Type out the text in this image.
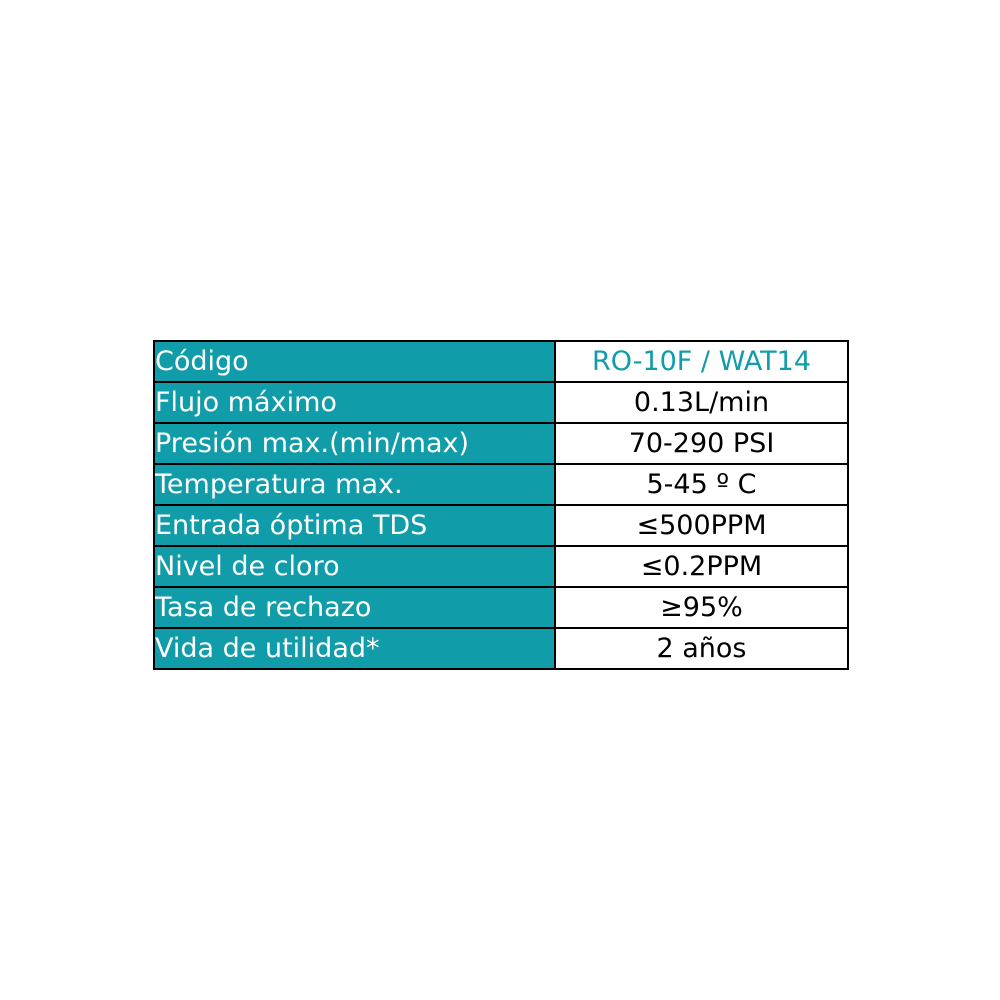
Código	RO-10F / WAT14
Flujo máximo	0.13L/min
Presión max.(min/max)	70-290 PSI
Temperatura max.	5-45 º C
Entrada óptima TDS	≤500PPM
Nivel de cloro	≤0.2PPM
Tasa de rechazo	≥95%
Vida de utilidad*	2 años
